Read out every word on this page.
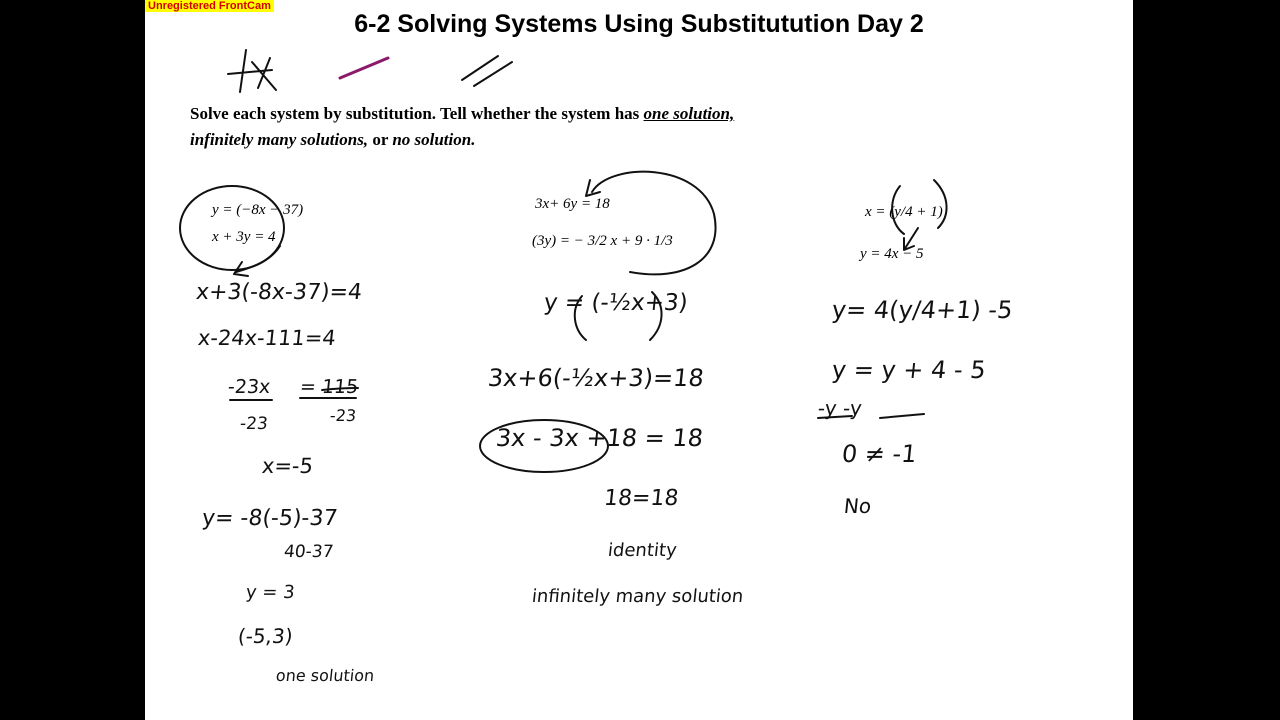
Unregistered FrontCam
6-2 Solving Systems Using Substitutution Day 2
Solve each system by substitution. Tell whether the system has one solution,
infinitely many solutions, or no solution.
y = (−8x − 37)
x + 3y = 4
x+3(-8x-37)=4
x-24x-111=4
-23x = 115
-23	-23
x=-5
y= -8(-5)-37
40-37
y = 3
(-5,3)
one solution
3x+ 6y = 18
(3y) = − 3/2 x + 9 · 1/3
y = (-½x+3)
3x+6(-½x+3)=18
3x - 3x +18 = 18
18=18
identity
infinitely many solution
x = (y/4 + 1)
y = 4x − 5
y= 4(y/4+1) -5
y = y + 4 - 5
-y -y
0 ≠ -1
No
